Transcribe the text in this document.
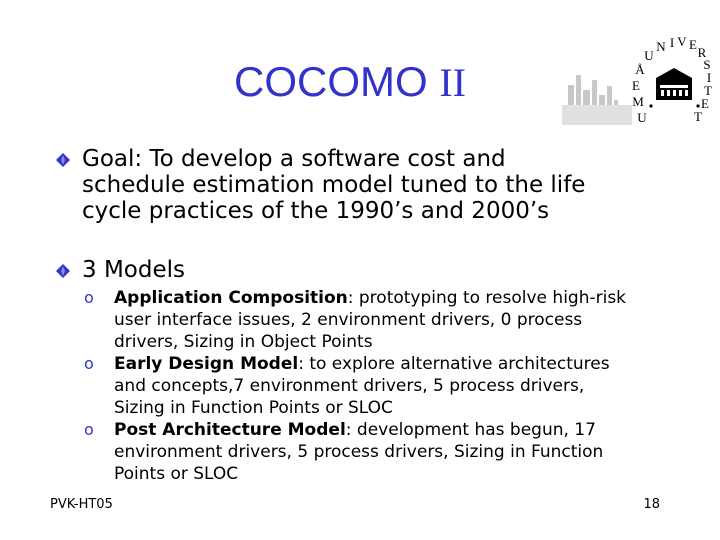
COCOMO II
U
M
E
Å
U
N I V E
R
S
I
T
E
T
Goal: To develop a software cost and
schedule estimation model tuned to the life
cycle practices of the 1990’s and 2000’s
3 Models
o Application Composition: prototyping to resolve high-risk
user interface issues, 2 environment drivers, 0 process
drivers, Sizing in Object Points
o Early Design Model: to explore alternative architectures
and concepts,7 environment drivers, 5 process drivers,
Sizing in Function Points or SLOC
o Post Architecture Model: development has begun, 17
environment drivers, 5 process drivers, Sizing in Function
Points or SLOC
PVK-HT05	18
